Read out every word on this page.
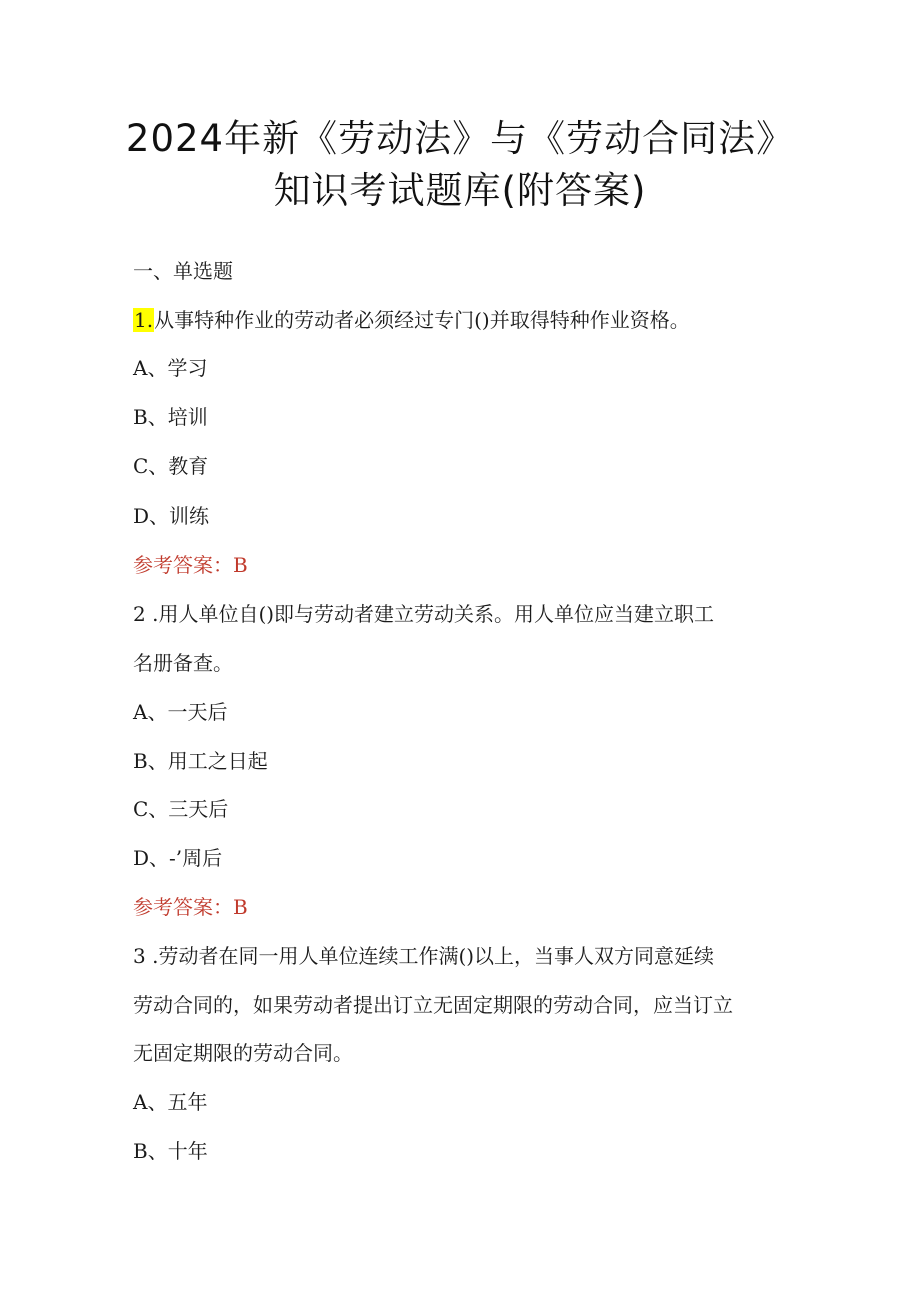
2024年新《劳动法》与《劳动合同法》
知识考试题库(附答案)
一、单选题
1.从事特种作业的劳动者必须经过专门()并取得特种作业资格。
A、学习
B、培训
C、教育
D、训练
参考答案：B
2 .用人单位自()即与劳动者建立劳动关系。用人单位应当建立职工
名册备查。
A、一天后
B、用工之日起
C、三天后
D、-’周后
参考答案：B
3 .劳动者在同一用人单位连续工作满()以上，当事人双方同意延续
劳动合同的，如果劳动者提出订立无固定期限的劳动合同，应当订立
无固定期限的劳动合同。
A、五年
B、十年
